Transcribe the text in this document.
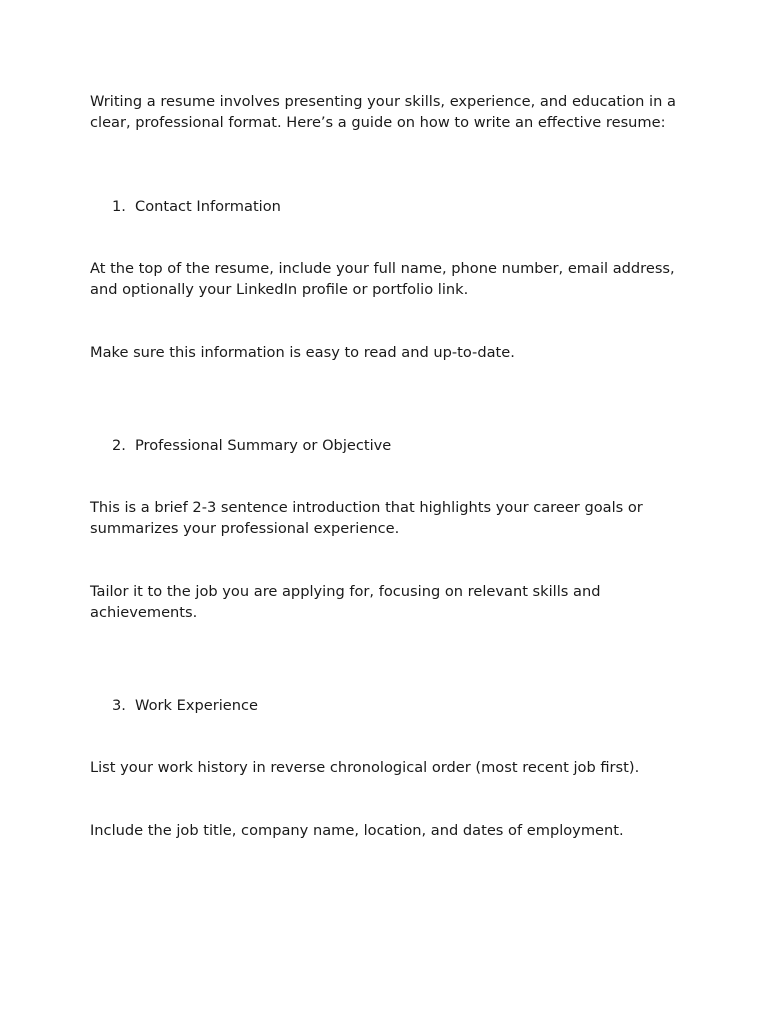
Writing a resume involves presenting your skills, experience, and education in a clear, professional format. Here’s a guide on how to write an effective resume:

1. Contact Information

At the top of the resume, include your full name, phone number, email address, and optionally your LinkedIn profile or portfolio link.

Make sure this information is easy to read and up-to-date.

2. Professional Summary or Objective

This is a brief 2-3 sentence introduction that highlights your career goals or summarizes your professional experience.

Tailor it to the job you are applying for, focusing on relevant skills and achievements.

3. Work Experience

List your work history in reverse chronological order (most recent job first).

Include the job title, company name, location, and dates of employment.
